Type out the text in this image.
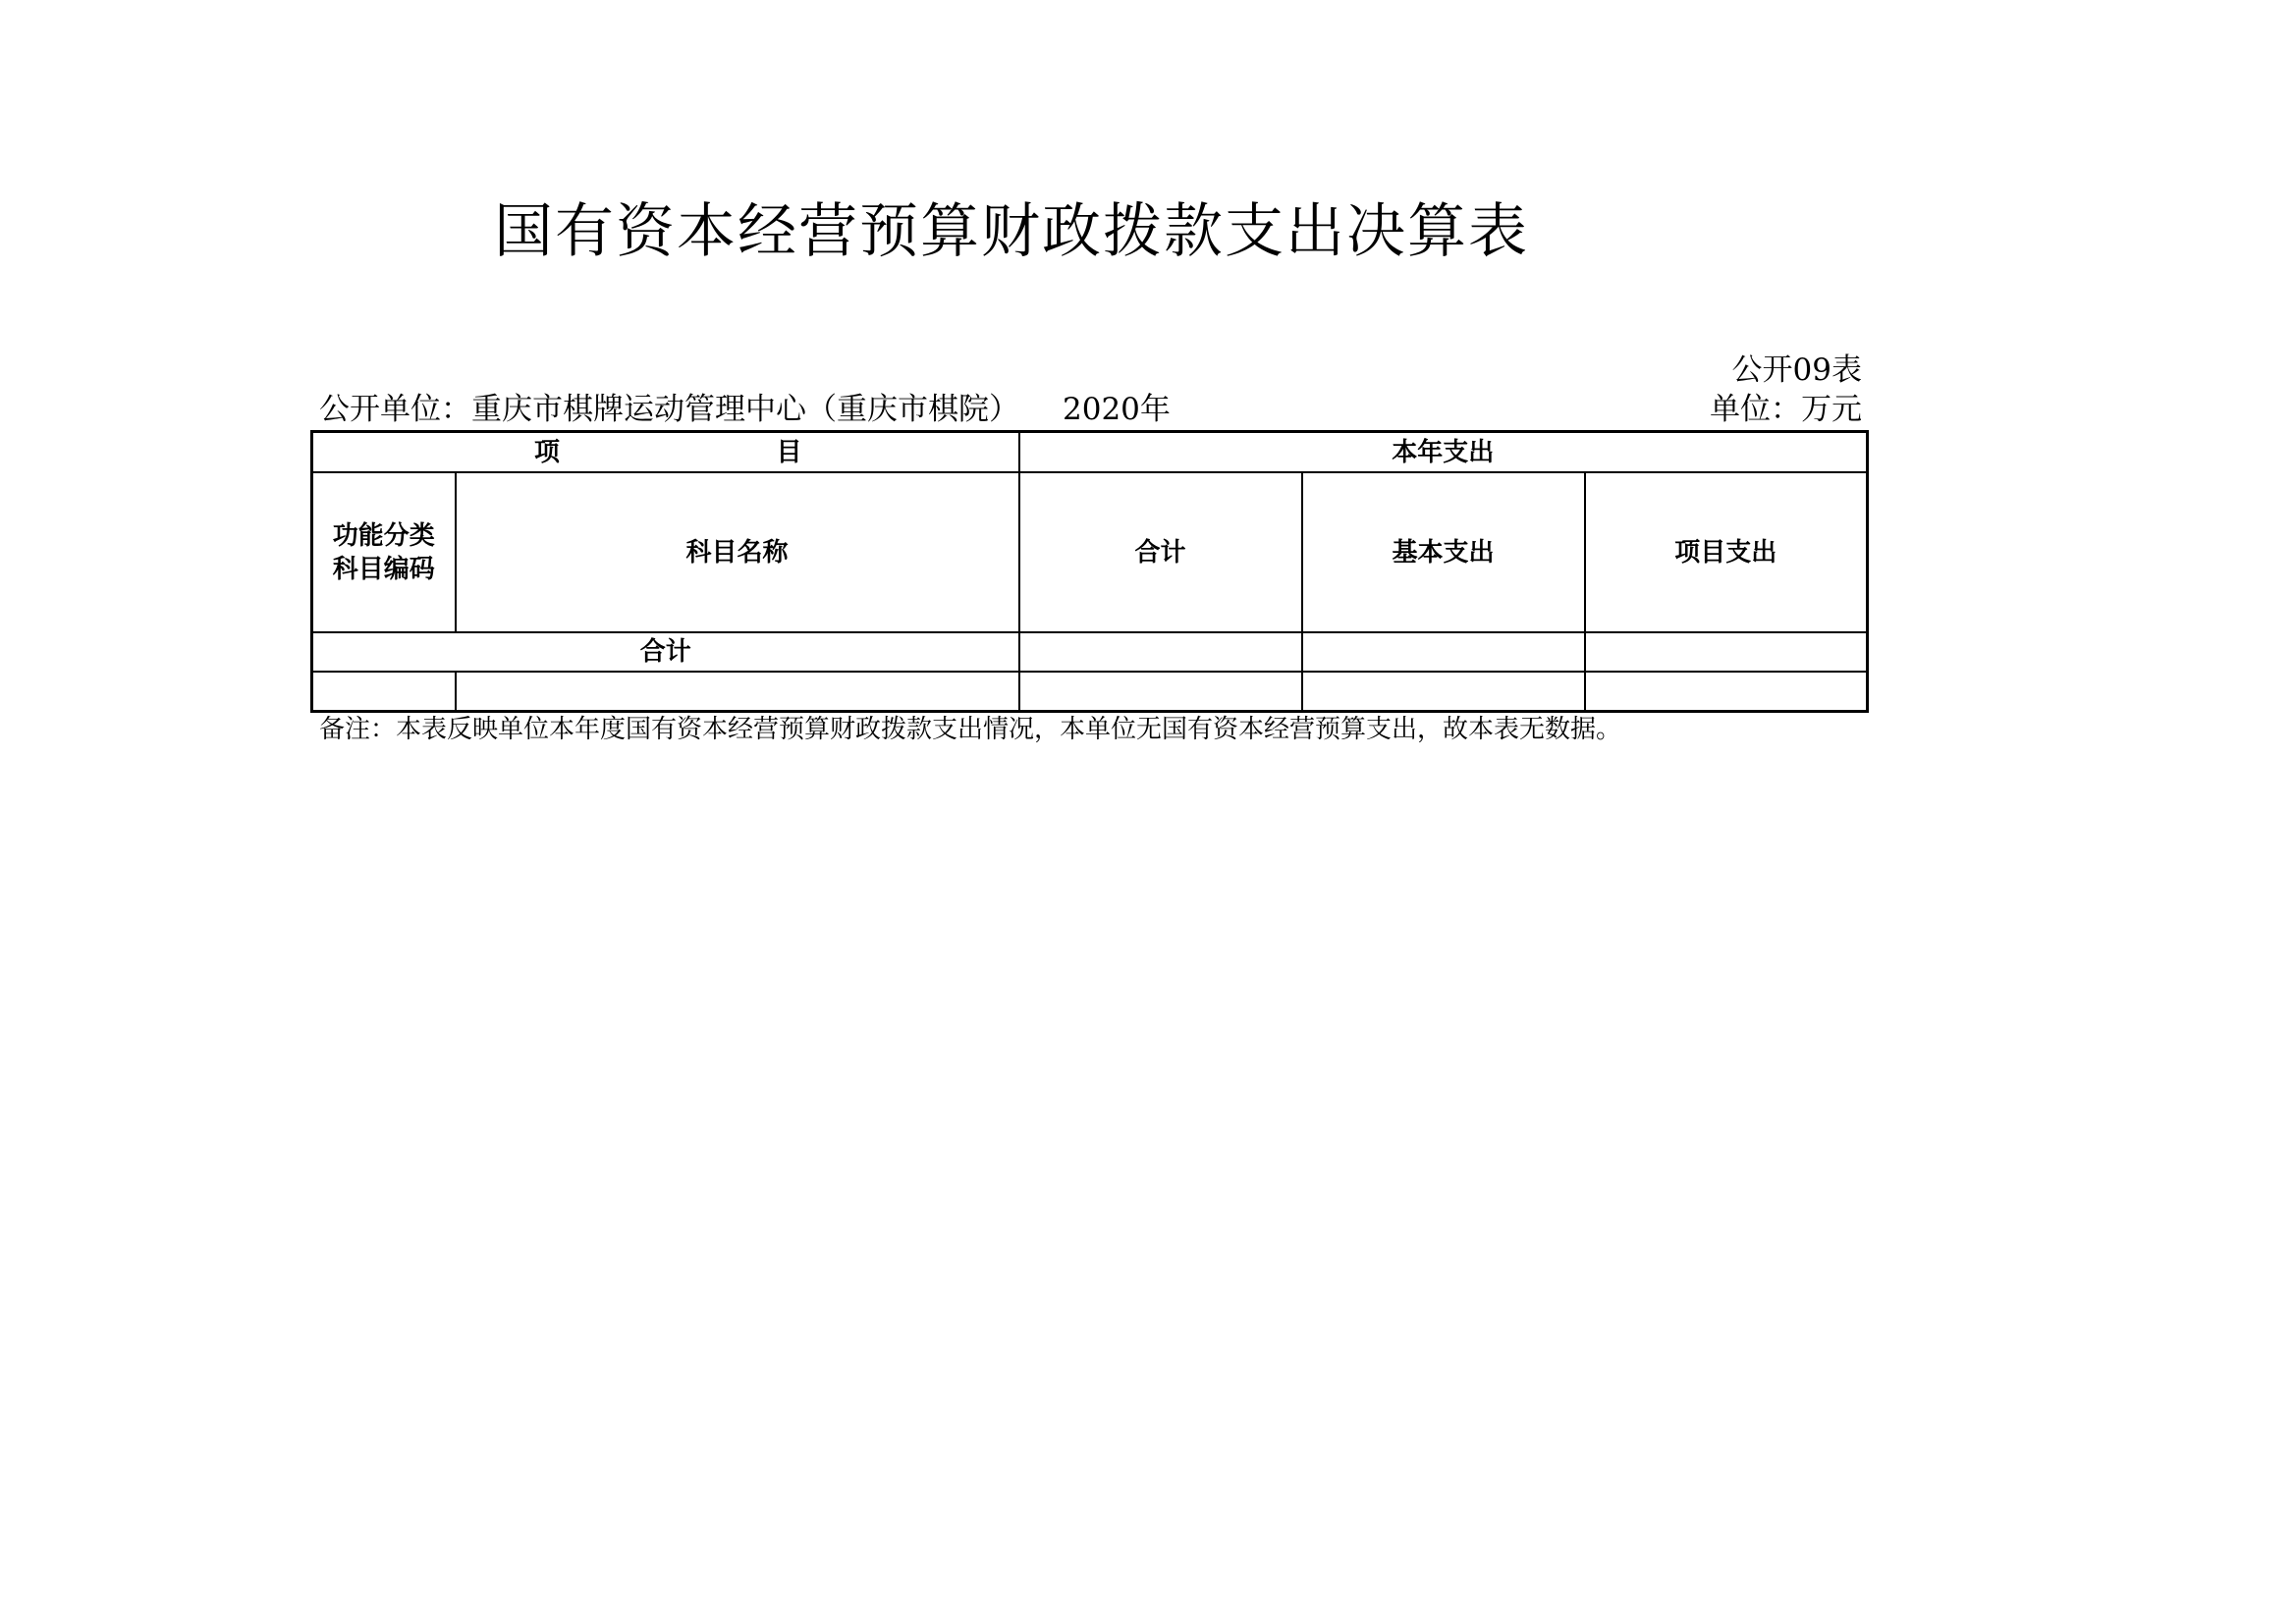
国有资本经营预算财政拨款支出决算表
公开09表
公开单位：重庆市棋牌运动管理中心（重庆市棋院） 2020年	单位：万元
项 目		本年支出		

功能分类
科目编码	科目名称	合计	基本支出	项目支出
合计				

备注：本表反映单位本年度国有资本经营预算财政拨款支出情况，本单位无国有资本经营预算支出，故本表无数据。
